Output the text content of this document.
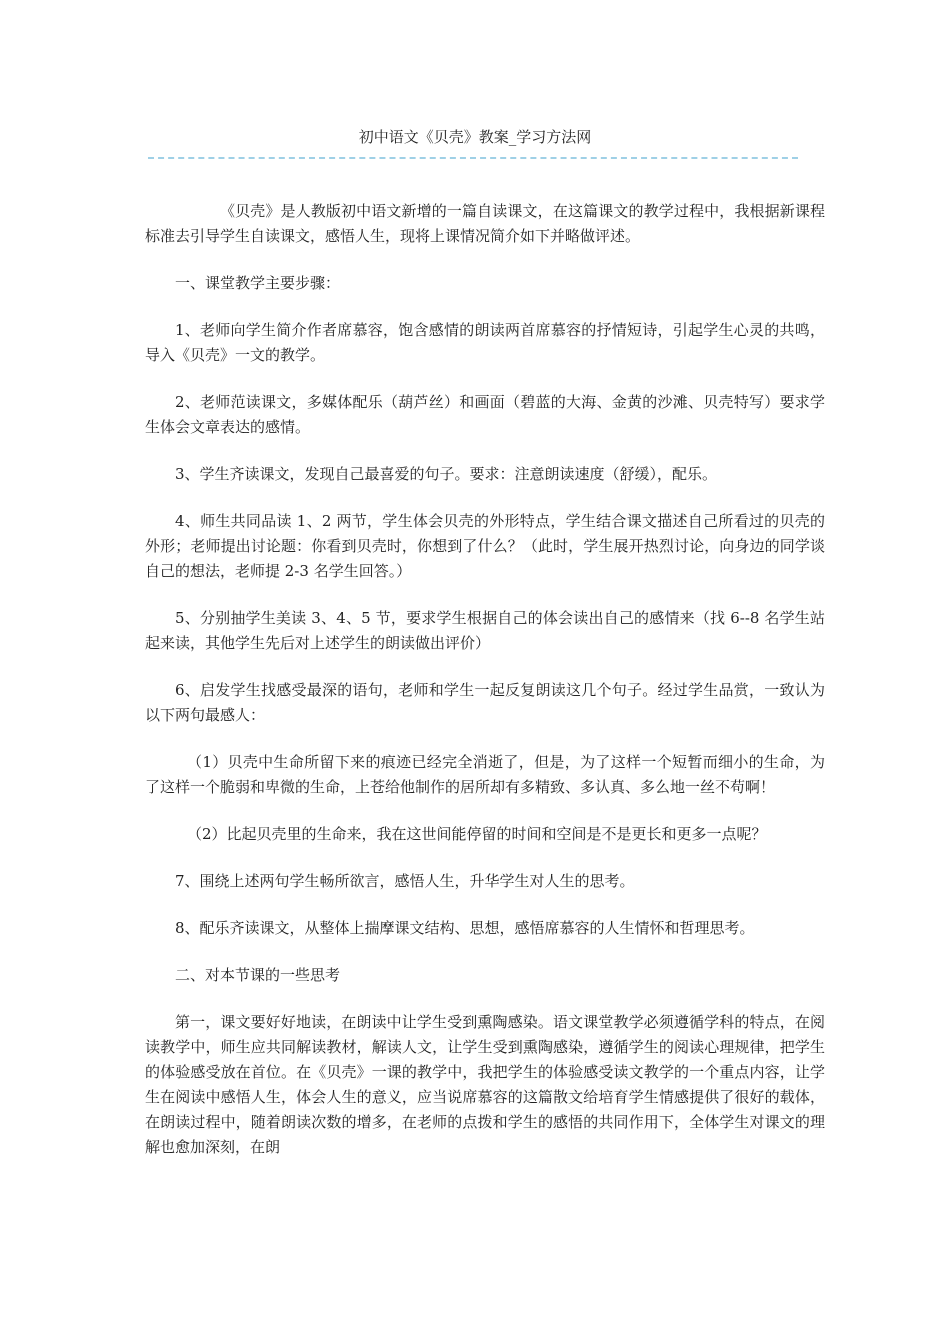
初中语文《贝壳》教案_学习方法网

《贝壳》是人教版初中语文新增的一篇自读课文，在这篇课文的教学过程中，我根据新课程标准去引导学生自读课文，感悟人生，现将上课情况简介如下并略做评述。

一、课堂教学主要步骤：

1、老师向学生简介作者席慕容，饱含感情的朗读两首席慕容的抒情短诗，引起学生心灵的共鸣，导入《贝壳》一文的教学。

2、老师范读课文，多媒体配乐（葫芦丝）和画面（碧蓝的大海、金黄的沙滩、贝壳特写）要求学生体会文章表达的感情。

3、学生齐读课文，发现自己最喜爱的句子。要求：注意朗读速度（舒缓），配乐。

4、师生共同品读 1、2 两节，学生体会贝壳的外形特点，学生结合课文描述自己所看过的贝壳的外形；老师提出讨论题：你看到贝壳时，你想到了什么？（此时，学生展开热烈讨论，向身边的同学谈自己的想法，老师提 2-3 名学生回答。）

5、分别抽学生美读 3、4、5 节，要求学生根据自己的体会读出自己的感情来（找 6--8 名学生站起来读，其他学生先后对上述学生的朗读做出评价）

6、启发学生找感受最深的语句，老师和学生一起反复朗读这几个句子。经过学生品赏，一致认为以下两句最感人：

（1）贝壳中生命所留下来的痕迹已经完全消逝了，但是，为了这样一个短暂而细小的生命，为了这样一个脆弱和卑微的生命，上苍给他制作的居所却有多精致、多认真、多么地一丝不苟啊！

（2）比起贝壳里的生命来，我在这世间能停留的时间和空间是不是更长和更多一点呢？

7、围绕上述两句学生畅所欲言，感悟人生，升华学生对人生的思考。

8、配乐齐读课文，从整体上揣摩课文结构、思想，感悟席慕容的人生情怀和哲理思考。

二、对本节课的一些思考

第一，课文要好好地读，在朗读中让学生受到熏陶感染。语文课堂教学必须遵循学科的特点，在阅读教学中，师生应共同解读教材，解读人文，让学生受到熏陶感染，遵循学生的阅读心理规律，把学生的体验感受放在首位。在《贝壳》一课的教学中，我把学生的体验感受读文教学的一个重点内容，让学生在阅读中感悟人生，体会人生的意义，应当说席慕容的这篇散文给培育学生情感提供了很好的载体，在朗读过程中，随着朗读次数的增多，在老师的点拨和学生的感悟的共同作用下，全体学生对课文的理解也愈加深刻，在朗
